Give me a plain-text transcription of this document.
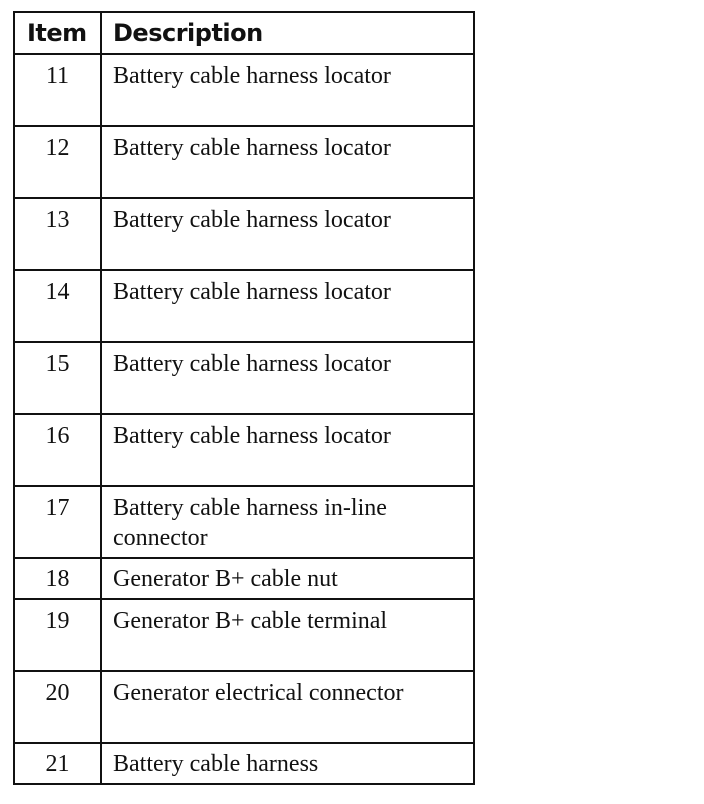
Item	Description
11	Battery cable harness locator
12	Battery cable harness locator
13	Battery cable harness locator
14	Battery cable harness locator
15	Battery cable harness locator
16	Battery cable harness locator
17	Battery cable harness in-line connector
18	Generator B+ cable nut
19	Generator B+ cable terminal
20	Generator electrical connector
21	Battery cable harness
